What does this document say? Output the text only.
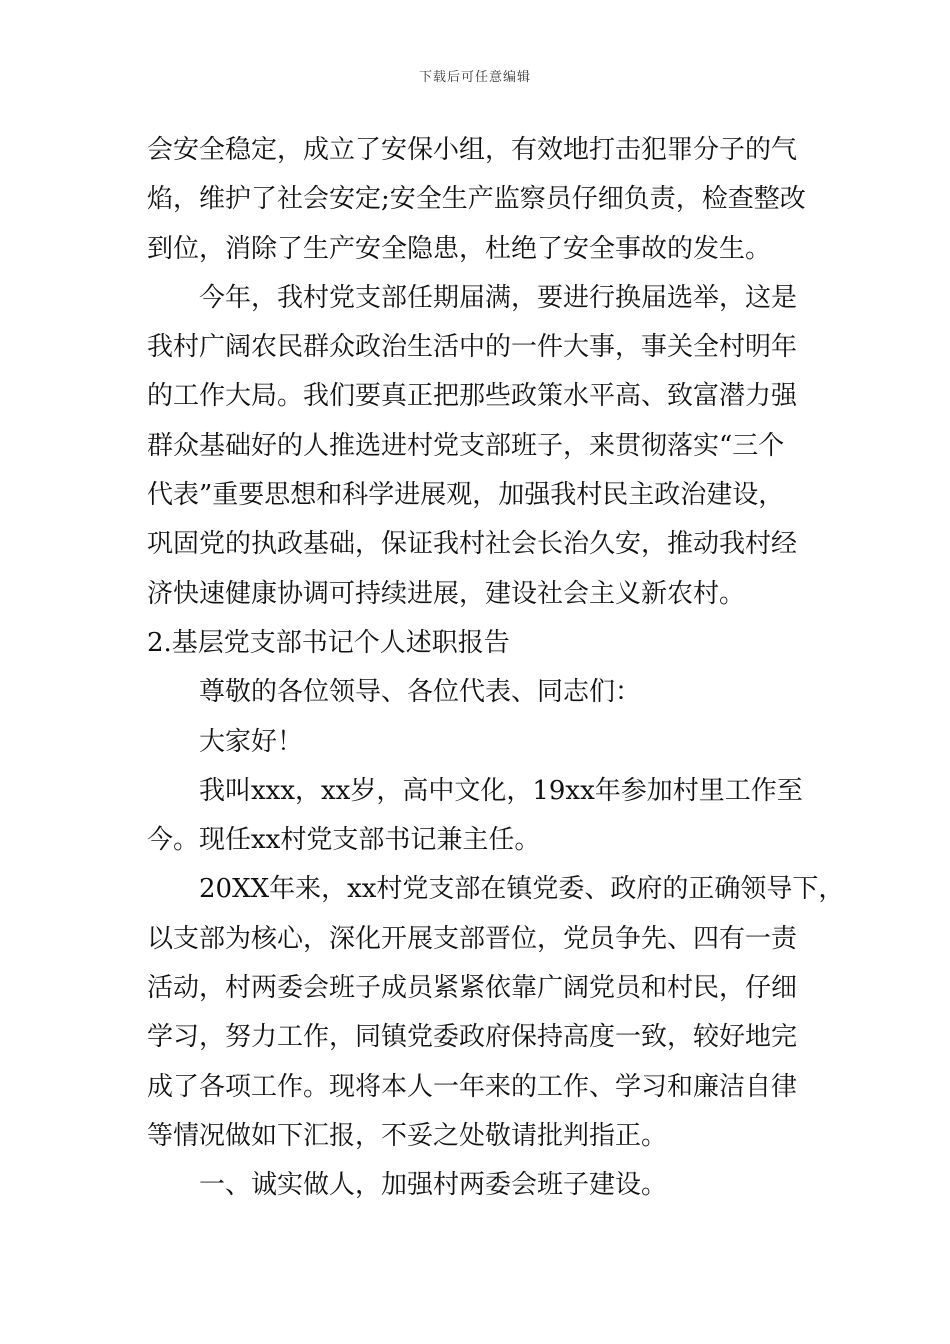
下载后可任意编辑
会安全稳定，成立了安保小组，有效地打击犯罪分子的气
焰，维护了社会安定;安全生产监察员仔细负责，检查整改
到位，消除了生产安全隐患，杜绝了安全事故的发生。
今年，我村党支部任期届满，要进行换届选举，这是
我村广阔农民群众政治生活中的一件大事，事关全村明年
的工作大局。我们要真正把那些政策水平高、致富潜力强
群众基础好的人推选进村党支部班子，来贯彻落实“三个
代表”重要思想和科学进展观，加强我村民主政治建设，
巩固党的执政基础，保证我村社会长治久安，推动我村经
济快速健康协调可持续进展，建设社会主义新农村。
2.基层党支部书记个人述职报告
尊敬的各位领导、各位代表、同志们：
大家好！
我叫xxx，xx岁，高中文化，19xx年参加村里工作至
今。现任xx村党支部书记兼主任。
20XX年来，xx村党支部在镇党委、政府的正确领导下，
以支部为核心，深化开展支部晋位，党员争先、四有一责
活动，村两委会班子成员紧紧依靠广阔党员和村民，仔细
学习，努力工作，同镇党委政府保持高度一致，较好地完
成了各项工作。现将本人一年来的工作、学习和廉洁自律
等情况做如下汇报，不妥之处敬请批判指正。
一、诚实做人，加强村两委会班子建设。
